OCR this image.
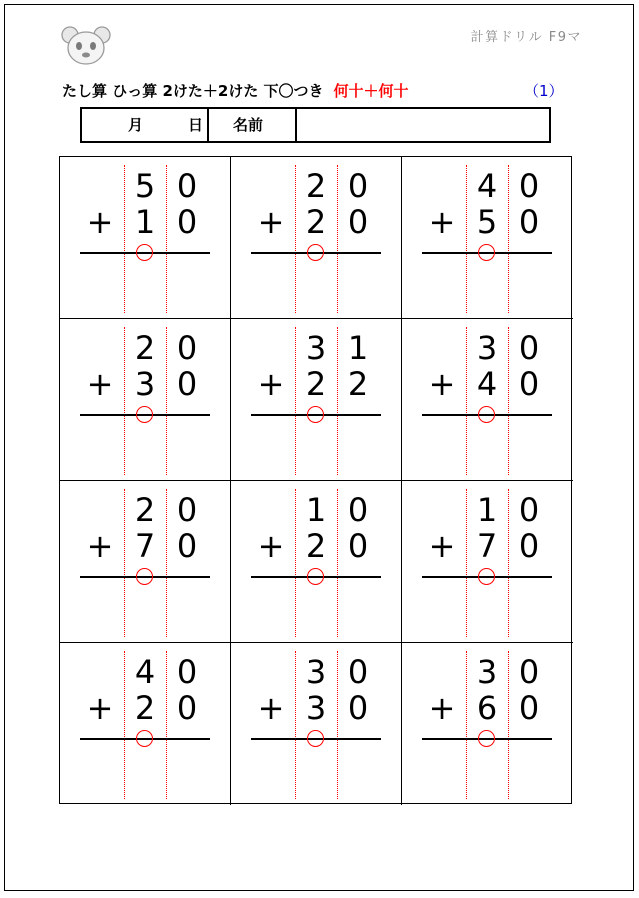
計算ドリル F9マ
たし算 ひっ算 2けた＋2けた 下〇つき 何十＋何十	（1）
月	日 名前
5 0
+ 1 0
2 0
+ 2 0
4 0
+ 5 0
2 0
+ 3 0
3 1
+ 2 2
3 0
+ 4 0
2 0
+ 7 0
1 0
+ 2 0
1 0
+ 7 0
4 0
+ 2 0
3 0
+ 3 0
3 0
+ 6 0
